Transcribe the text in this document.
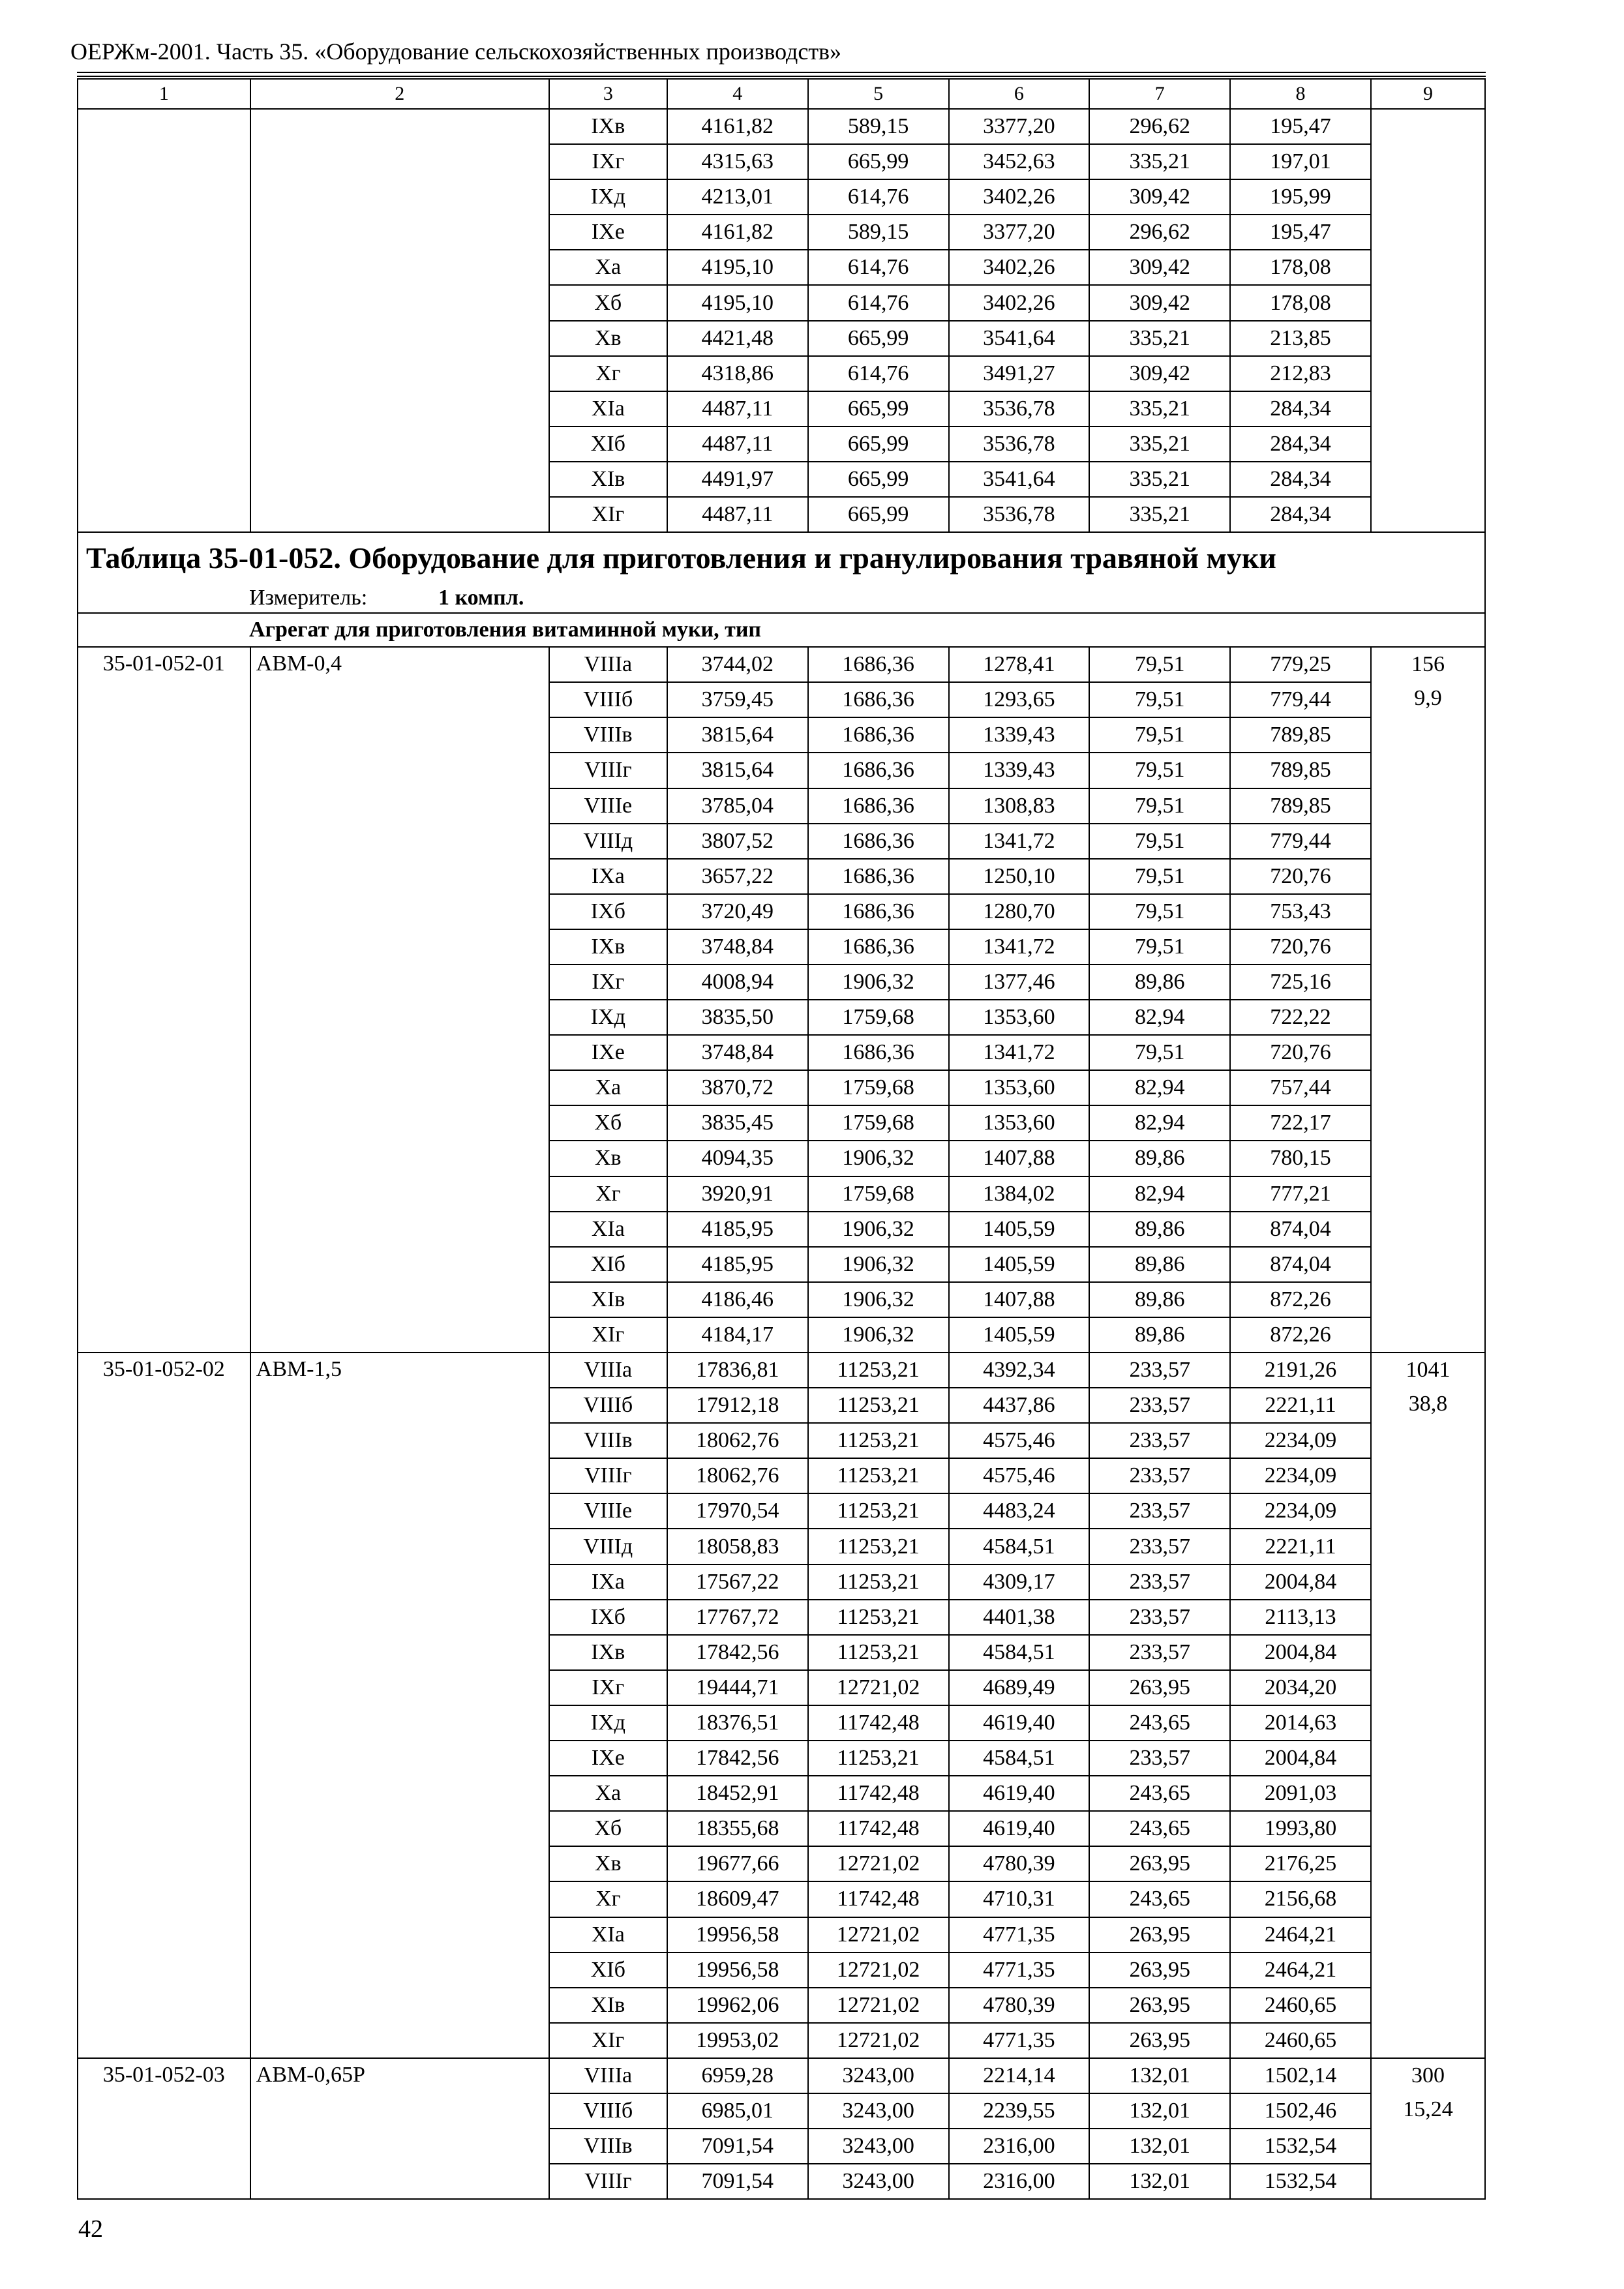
ОЕРЖм-2001. Часть 35. «Оборудование сельскохозяйственных производств»
1	2	3	4	5	6	7	8	9
		IXв	4161,82	589,15	3377,20	296,62	195,47	
		IXг	4315,63	665,99	3452,63	335,21	197,01	
		IXд	4213,01	614,76	3402,26	309,42	195,99	
		IXе	4161,82	589,15	3377,20	296,62	195,47	
		Xа	4195,10	614,76	3402,26	309,42	178,08	
		Xб	4195,10	614,76	3402,26	309,42	178,08	
		Xв	4421,48	665,99	3541,64	335,21	213,85	
		Xг	4318,86	614,76	3491,27	309,42	212,83	
		XIа	4487,11	665,99	3536,78	335,21	284,34	
		XIб	4487,11	665,99	3536,78	335,21	284,34	
		XIв	4491,97	665,99	3541,64	335,21	284,34	
		XIг	4487,11	665,99	3536,78	335,21	284,34	
Таблица 35-01-052. Оборудование для приготовления и гранулирования травяной муки								
Измеритель: 1 компл.								
Агрегат для приготовления витаминной муки, тип								
35-01-052-01	АВМ-0,4	VIIIа	3744,02	1686,36	1278,41	79,51	779,25	156
9,9

		VIIIб	3759,45	1686,36	1293,65	79,51	779,44	
		VIIIв	3815,64	1686,36	1339,43	79,51	789,85	
		VIIIг	3815,64	1686,36	1339,43	79,51	789,85	
		VIIIе	3785,04	1686,36	1308,83	79,51	789,85	
		VIIIд	3807,52	1686,36	1341,72	79,51	779,44	
		IXа	3657,22	1686,36	1250,10	79,51	720,76	
		IXб	3720,49	1686,36	1280,70	79,51	753,43	
		IXв	3748,84	1686,36	1341,72	79,51	720,76	
		IXг	4008,94	1906,32	1377,46	89,86	725,16	
		IXд	3835,50	1759,68	1353,60	82,94	722,22	
		IXе	3748,84	1686,36	1341,72	79,51	720,76	
		Xа	3870,72	1759,68	1353,60	82,94	757,44	
		Xб	3835,45	1759,68	1353,60	82,94	722,17	
		Xв	4094,35	1906,32	1407,88	89,86	780,15	
		Xг	3920,91	1759,68	1384,02	82,94	777,21	
		XIа	4185,95	1906,32	1405,59	89,86	874,04	
		XIб	4185,95	1906,32	1405,59	89,86	874,04	
		XIв	4186,46	1906,32	1407,88	89,86	872,26	
		XIг	4184,17	1906,32	1405,59	89,86	872,26	
35-01-052-02	АВМ-1,5	VIIIа	17836,81	11253,21	4392,34	233,57	2191,26	1041
38,8

		VIIIб	17912,18	11253,21	4437,86	233,57	2221,11	
		VIIIв	18062,76	11253,21	4575,46	233,57	2234,09	
		VIIIг	18062,76	11253,21	4575,46	233,57	2234,09	
		VIIIе	17970,54	11253,21	4483,24	233,57	2234,09	
		VIIIд	18058,83	11253,21	4584,51	233,57	2221,11	
		IXа	17567,22	11253,21	4309,17	233,57	2004,84	
		IXб	17767,72	11253,21	4401,38	233,57	2113,13	
		IXв	17842,56	11253,21	4584,51	233,57	2004,84	
		IXг	19444,71	12721,02	4689,49	263,95	2034,20	
		IXд	18376,51	11742,48	4619,40	243,65	2014,63	
		IXе	17842,56	11253,21	4584,51	233,57	2004,84	
		Xа	18452,91	11742,48	4619,40	243,65	2091,03	
		Xб	18355,68	11742,48	4619,40	243,65	1993,80	
		Xв	19677,66	12721,02	4780,39	263,95	2176,25	
		Xг	18609,47	11742,48	4710,31	243,65	2156,68	
		XIа	19956,58	12721,02	4771,35	263,95	2464,21	
		XIб	19956,58	12721,02	4771,35	263,95	2464,21	
		XIв	19962,06	12721,02	4780,39	263,95	2460,65	
		XIг	19953,02	12721,02	4771,35	263,95	2460,65	
35-01-052-03	АВМ-0,65Р	VIIIа	6959,28	3243,00	2214,14	132,01	1502,14	300
15,24

		VIIIб	6985,01	3243,00	2239,55	132,01	1502,46	
		VIIIв	7091,54	3243,00	2316,00	132,01	1532,54	
		VIIIг	7091,54	3243,00	2316,00	132,01	1532,54	
42
